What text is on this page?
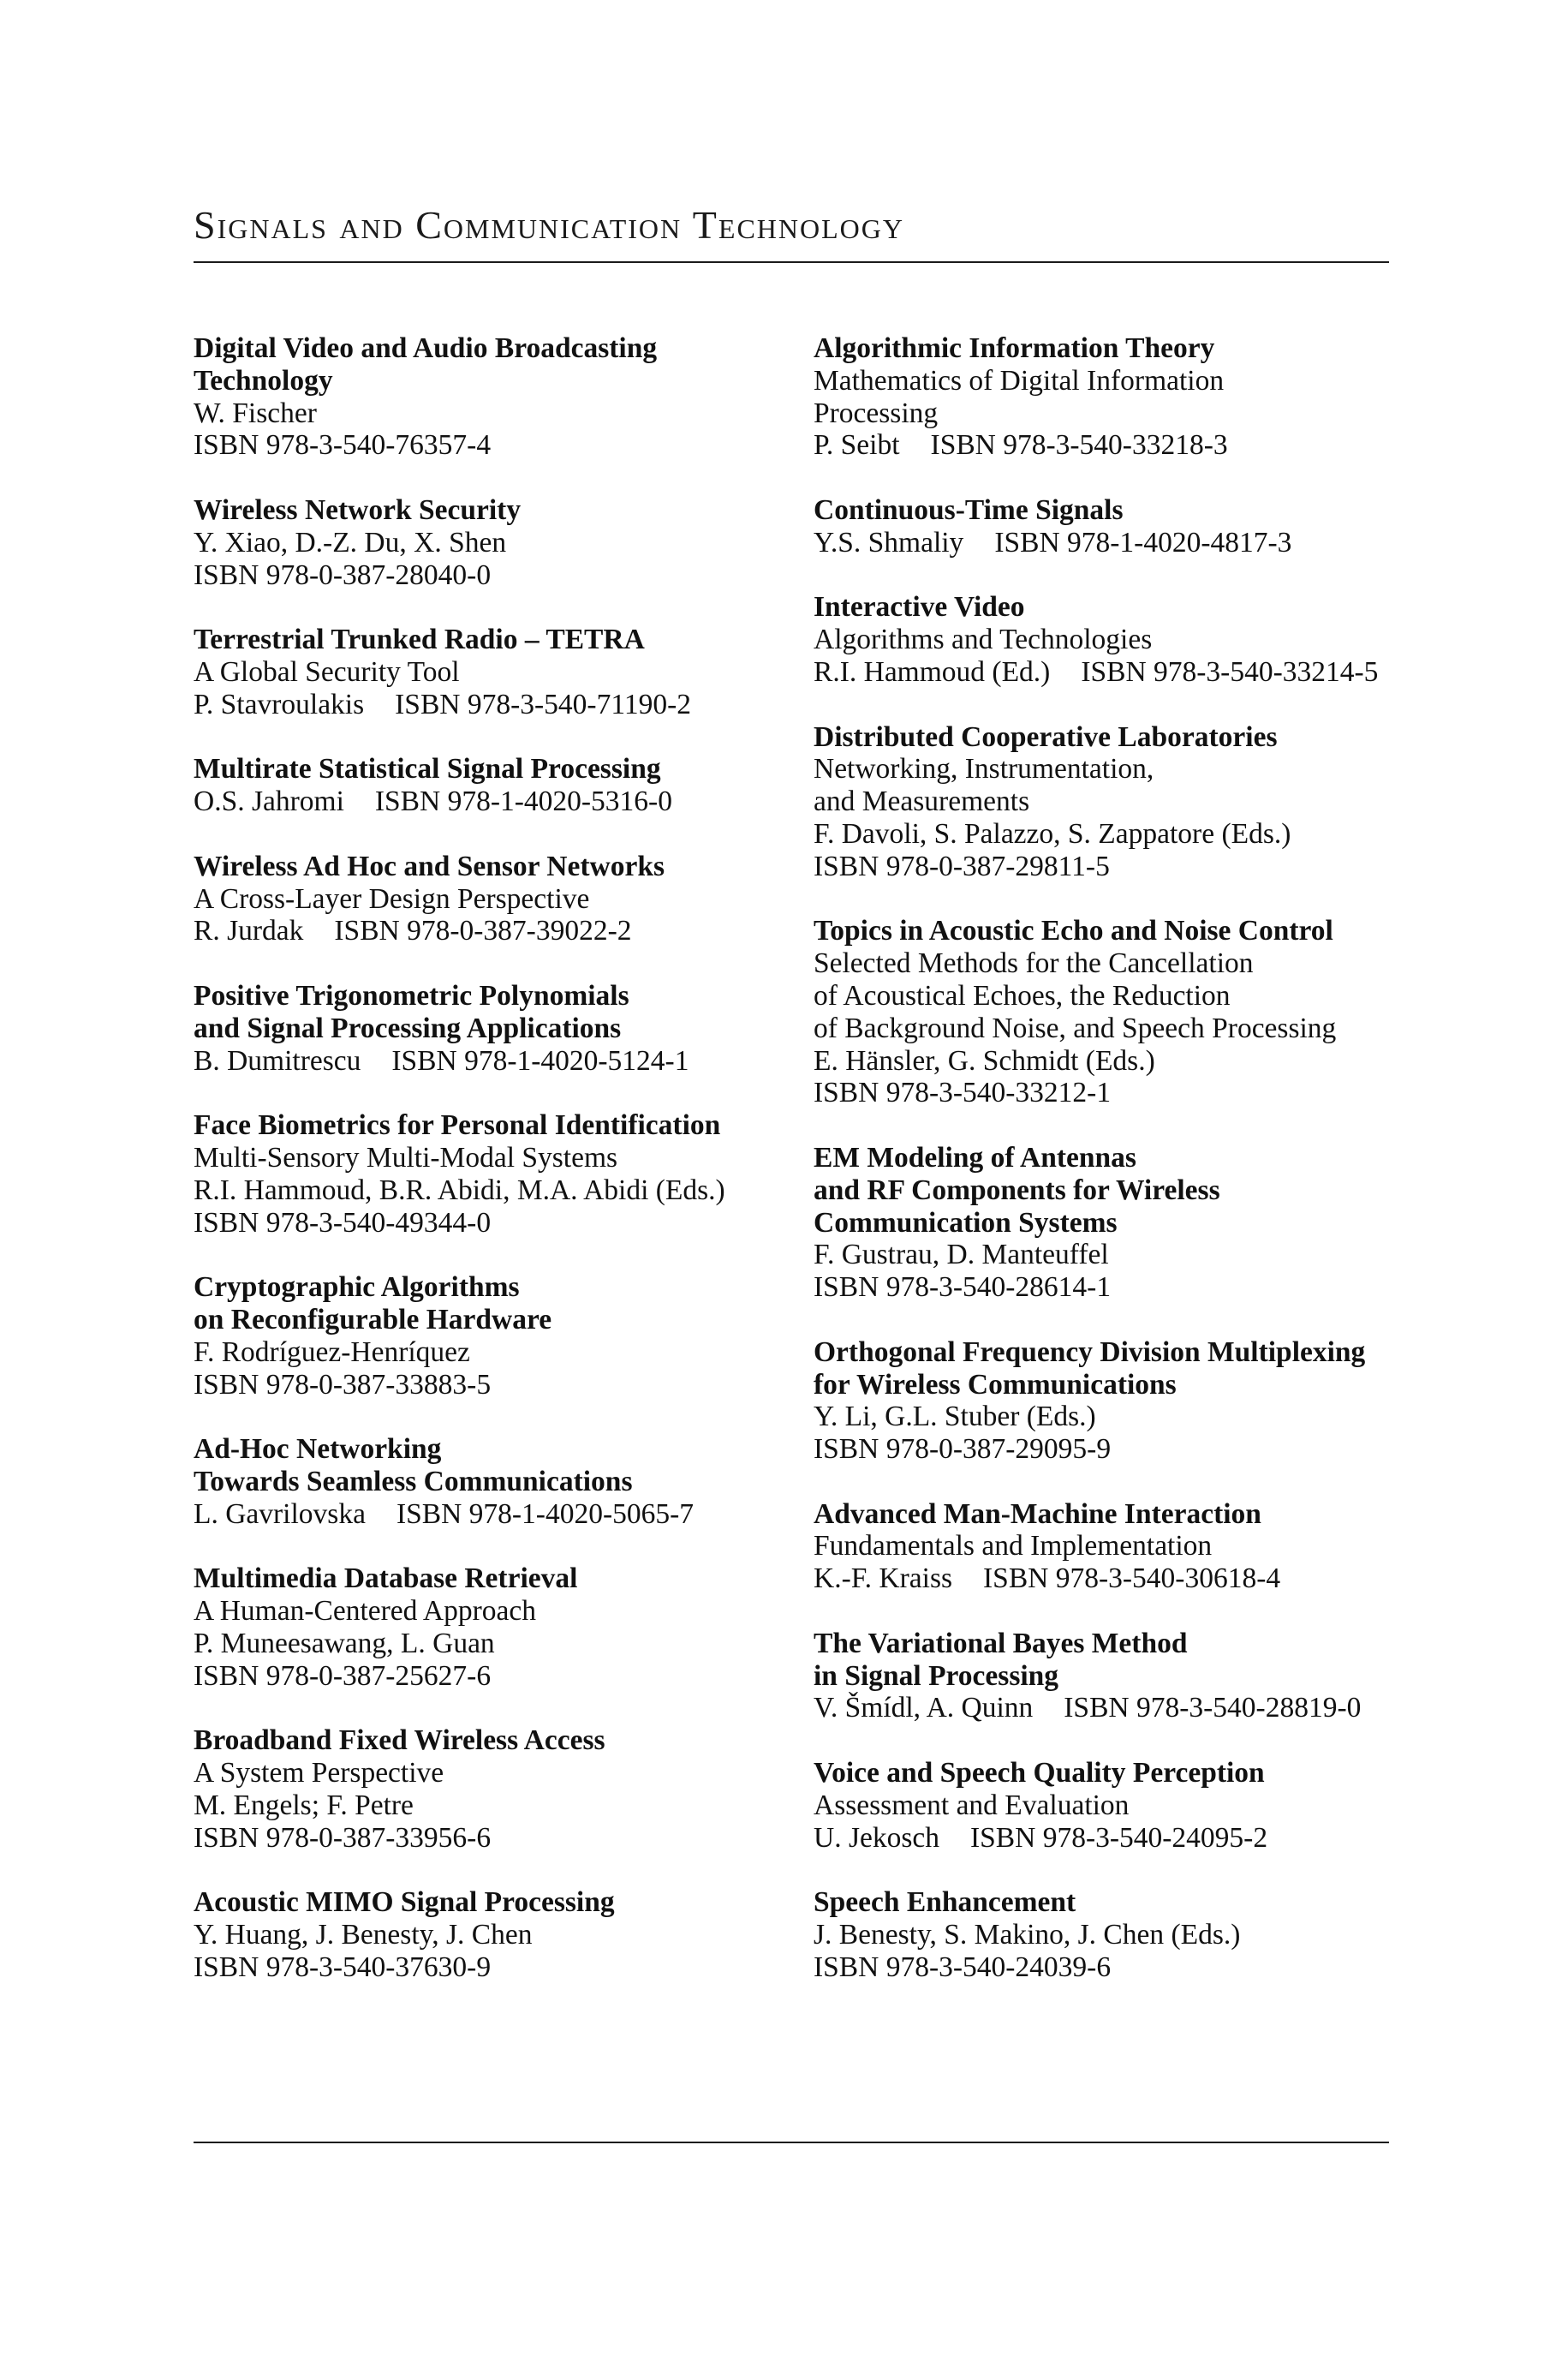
Signals and Communication Technology
Digital Video and Audio Broadcasting
Technology
W. Fischer
ISBN 978-3-540-76357-4
Wireless Network Security
Y. Xiao, D.-Z. Du, X. Shen
ISBN 978-0-387-28040-0
Terrestrial Trunked Radio – TETRA
A Global Security Tool
P. Stavroulakis ISBN 978-3-540-71190-2
Multirate Statistical Signal Processing
O.S. Jahromi ISBN 978-1-4020-5316-0
Wireless Ad Hoc and Sensor Networks
A Cross-Layer Design Perspective
R. Jurdak ISBN 978-0-387-39022-2
Positive Trigonometric Polynomials
and Signal Processing Applications
B. Dumitrescu ISBN 978-1-4020-5124-1
Face Biometrics for Personal Identification
Multi-Sensory Multi-Modal Systems
R.I. Hammoud, B.R. Abidi, M.A. Abidi (Eds.)
ISBN 978-3-540-49344-0
Cryptographic Algorithms
on Reconfigurable Hardware
F. Rodríguez-Henríquez
ISBN 978-0-387-33883-5
Ad-Hoc Networking
Towards Seamless Communications
L. Gavrilovska ISBN 978-1-4020-5065-7
Multimedia Database Retrieval
A Human-Centered Approach
P. Muneesawang, L. Guan
ISBN 978-0-387-25627-6
Broadband Fixed Wireless Access
A System Perspective
M. Engels; F. Petre
ISBN 978-0-387-33956-6
Acoustic MIMO Signal Processing
Y. Huang, J. Benesty, J. Chen
ISBN 978-3-540-37630-9
Algorithmic Information Theory
Mathematics of Digital Information
Processing
P. Seibt ISBN 978-3-540-33218-3
Continuous-Time Signals
Y.S. Shmaliy ISBN 978-1-4020-4817-3
Interactive Video
Algorithms and Technologies
R.I. Hammoud (Ed.) ISBN 978-3-540-33214-5
Distributed Cooperative Laboratories
Networking, Instrumentation,
and Measurements
F. Davoli, S. Palazzo, S. Zappatore (Eds.)
ISBN 978-0-387-29811-5
Topics in Acoustic Echo and Noise Control
Selected Methods for the Cancellation
of Acoustical Echoes, the Reduction
of Background Noise, and Speech Processing
E. Hänsler, G. Schmidt (Eds.)
ISBN 978-3-540-33212-1
EM Modeling of Antennas
and RF Components for Wireless
Communication Systems
F. Gustrau, D. Manteuffel
ISBN 978-3-540-28614-1
Orthogonal Frequency Division Multiplexing
for Wireless Communications
Y. Li, G.L. Stuber (Eds.)
ISBN 978-0-387-29095-9
Advanced Man-Machine Interaction
Fundamentals and Implementation
K.-F. Kraiss ISBN 978-3-540-30618-4
The Variational Bayes Method
in Signal Processing
V. Šmídl, A. Quinn ISBN 978-3-540-28819-0
Voice and Speech Quality Perception
Assessment and Evaluation
U. Jekosch ISBN 978-3-540-24095-2
Speech Enhancement
J. Benesty, S. Makino, J. Chen (Eds.)
ISBN 978-3-540-24039-6
